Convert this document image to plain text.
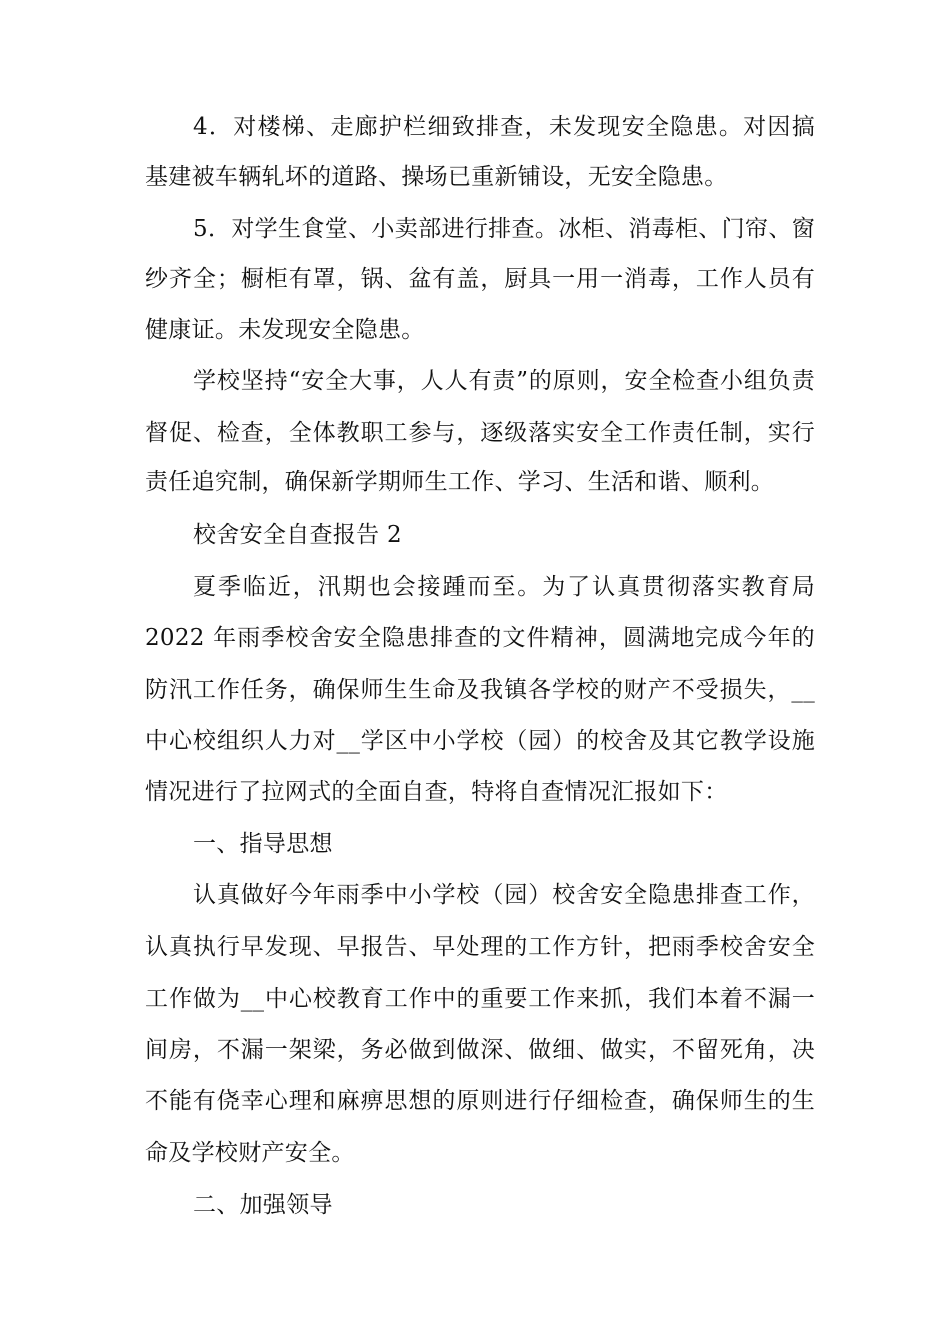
4．对楼梯、走廊护栏细致排查，未发现安全隐患。对因搞
基建被车辆轧坏的道路、操场已重新铺设，无安全隐患。
5．对学生食堂、小卖部进行排查。冰柜、消毒柜、门帘、窗
纱齐全；橱柜有罩，锅、盆有盖，厨具一用一消毒，工作人员有
健康证。未发现安全隐患。
学校坚持“安全大事，人人有责”的原则，安全检查小组负责
督促、检查，全体教职工参与，逐级落实安全工作责任制，实行
责任追究制，确保新学期师生工作、学习、生活和谐、顺利。
校舍安全自查报告 2
夏季临近，汛期也会接踵而至。为了认真贯彻落实教育局
2022 年雨季校舍安全隐患排查的文件精神，圆满地完成今年的
防汛工作任务，确保师生生命及我镇各学校的财产不受损失，__
中心校组织人力对__学区中小学校（园）的校舍及其它教学设施
情况进行了拉网式的全面自查，特将自查情况汇报如下：
一、指导思想
认真做好今年雨季中小学校（园）校舍安全隐患排查工作，
认真执行早发现、早报告、早处理的工作方针，把雨季校舍安全
工作做为__中心校教育工作中的重要工作来抓，我们本着不漏一
间房，不漏一架梁，务必做到做深、做细、做实，不留死角，决
不能有侥幸心理和麻痹思想的原则进行仔细检查，确保师生的生
命及学校财产安全。
二、加强领导
